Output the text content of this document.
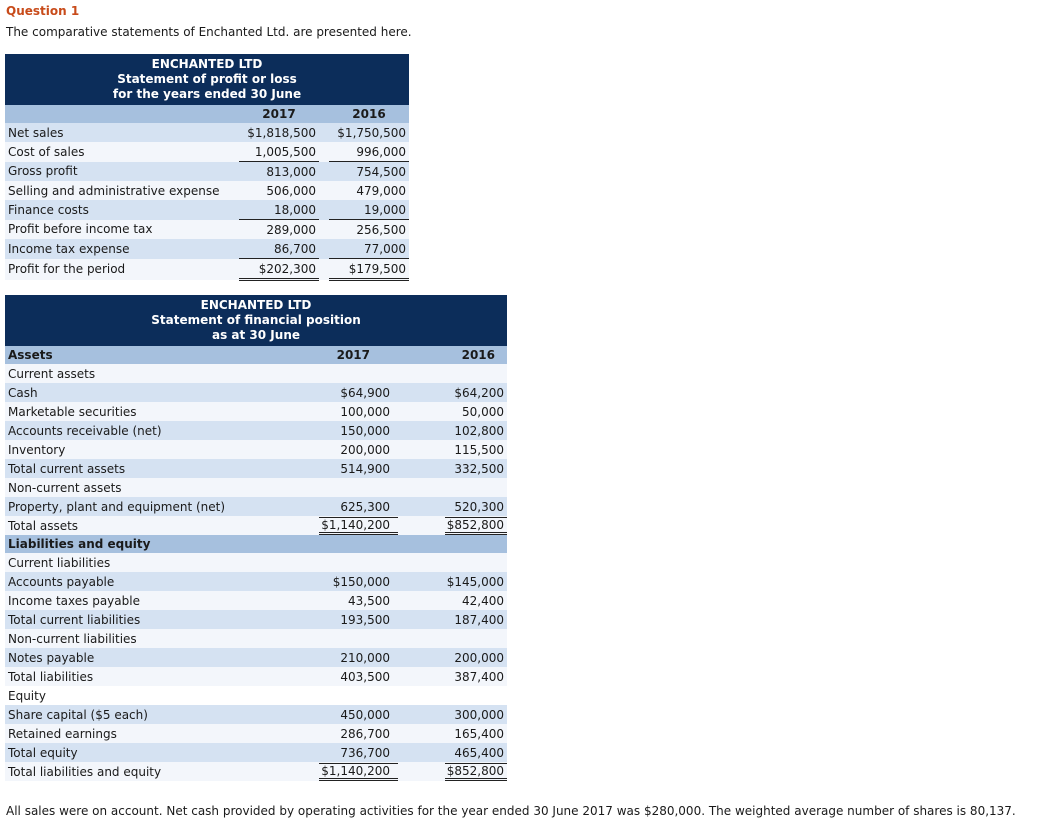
Question 1
The comparative statements of Enchanted Ltd. are presented here.
ENCHANTED LTD
Statement of profit or loss
for the years ended 30 June			

	2017		2016
Net sales	$1,818,500		$1,750,500
Cost of sales	1,005,500		996,000
Gross profit	813,000		754,500
Selling and administrative expense	506,000		479,000
Finance costs	18,000		19,000
Profit before income tax	289,000		256,500
Income tax expense	86,700		77,000
Profit for the period	$202,300		$179,500
ENCHANTED LTD
Statement of financial position
as at 30 June			

Assets	2017		2016
Current assets			
Cash	$64,900		$64,200
Marketable securities	100,000		50,000
Accounts receivable (net)	150,000		102,800
Inventory	200,000		115,500
Total current assets	514,900		332,500
Non-current assets			
Property, plant and equipment (net)	625,300		520,300
Total assets	$1,140,200		$852,800
Liabilities and equity			
Current liabilities			
Accounts payable	$150,000		$145,000
Income taxes payable	43,500		42,400
Total current liabilities	193,500		187,400
Non-current liabilities			
Notes payable	210,000		200,000
Total liabilities	403,500		387,400
Equity			
Share capital ($5 each)	450,000		300,000
Retained earnings	286,700		165,400
Total equity	736,700		465,400
Total liabilities and equity	$1,140,200		$852,800
All sales were on account. Net cash provided by operating activities for the year ended 30 June 2017 was $280,000. The weighted average number of shares is 80,137.
